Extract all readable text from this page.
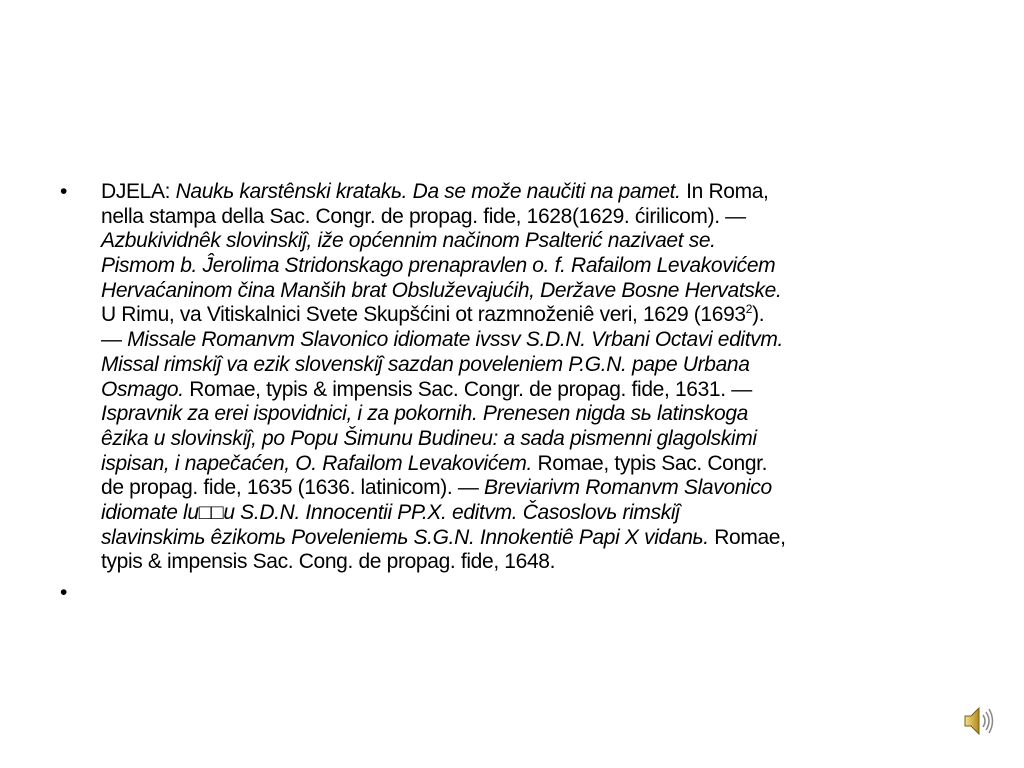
• DJELA: Naukь karstênski kratakь. Da se može naučiti na pamet. In Roma,
nella stampa della Sac. Congr. de propag. fide, 1628(1629. ćirilicom). —
Azbukividnêk slovinskiĵ, iže općennim načinom Psalterić nazivaet se.
Pismom b. Ĵerolima Stridonskago prenapravlen o. f. Rafailom Levakovićem
Hervaćaninom čina Manših brat Obsluževajućih, Deržave Bosne Hervatske.
U Rimu, va Vitiskalnici Svete Skupšćini ot razmnoženiê veri, 1629 (1693$^2$).
— Missale Romanvm Slavonico idiomate ivssv S.D.N. Vrbani Octavi editvm.
Missal rimskiĵ va ezik slovenskiĵ sazdan poveleniem P.G.N. pape Urbana
Osmago. Romae, typis & impensis Sac. Congr. de propag. fide, 1631. —
Ispravnik za erei ispovidnici, i za pokornih. Prenesen nigda sь latinskoga
êzika u slovinskiĵ, po Popu Šimunu Budineu: a sada pismenni glagolskimi
ispisan, i napečaćen, O. Rafailom Levakovićem. Romae, typis Sac. Congr.
de propag. fide, 1635 (1636. latinicom). — Breviarivm Romanvm Slavonico
idiomate lu□□u S.D.N. Innocentii PP.X. editvm. Časoslovь rimskiĵ
slavinskimь êzikomь Poveleniemь S.G.N. Innokentiê Papi X vidanь. Romae,
typis & impensis Sac. Cong. de propag. fide, 1648.
•
